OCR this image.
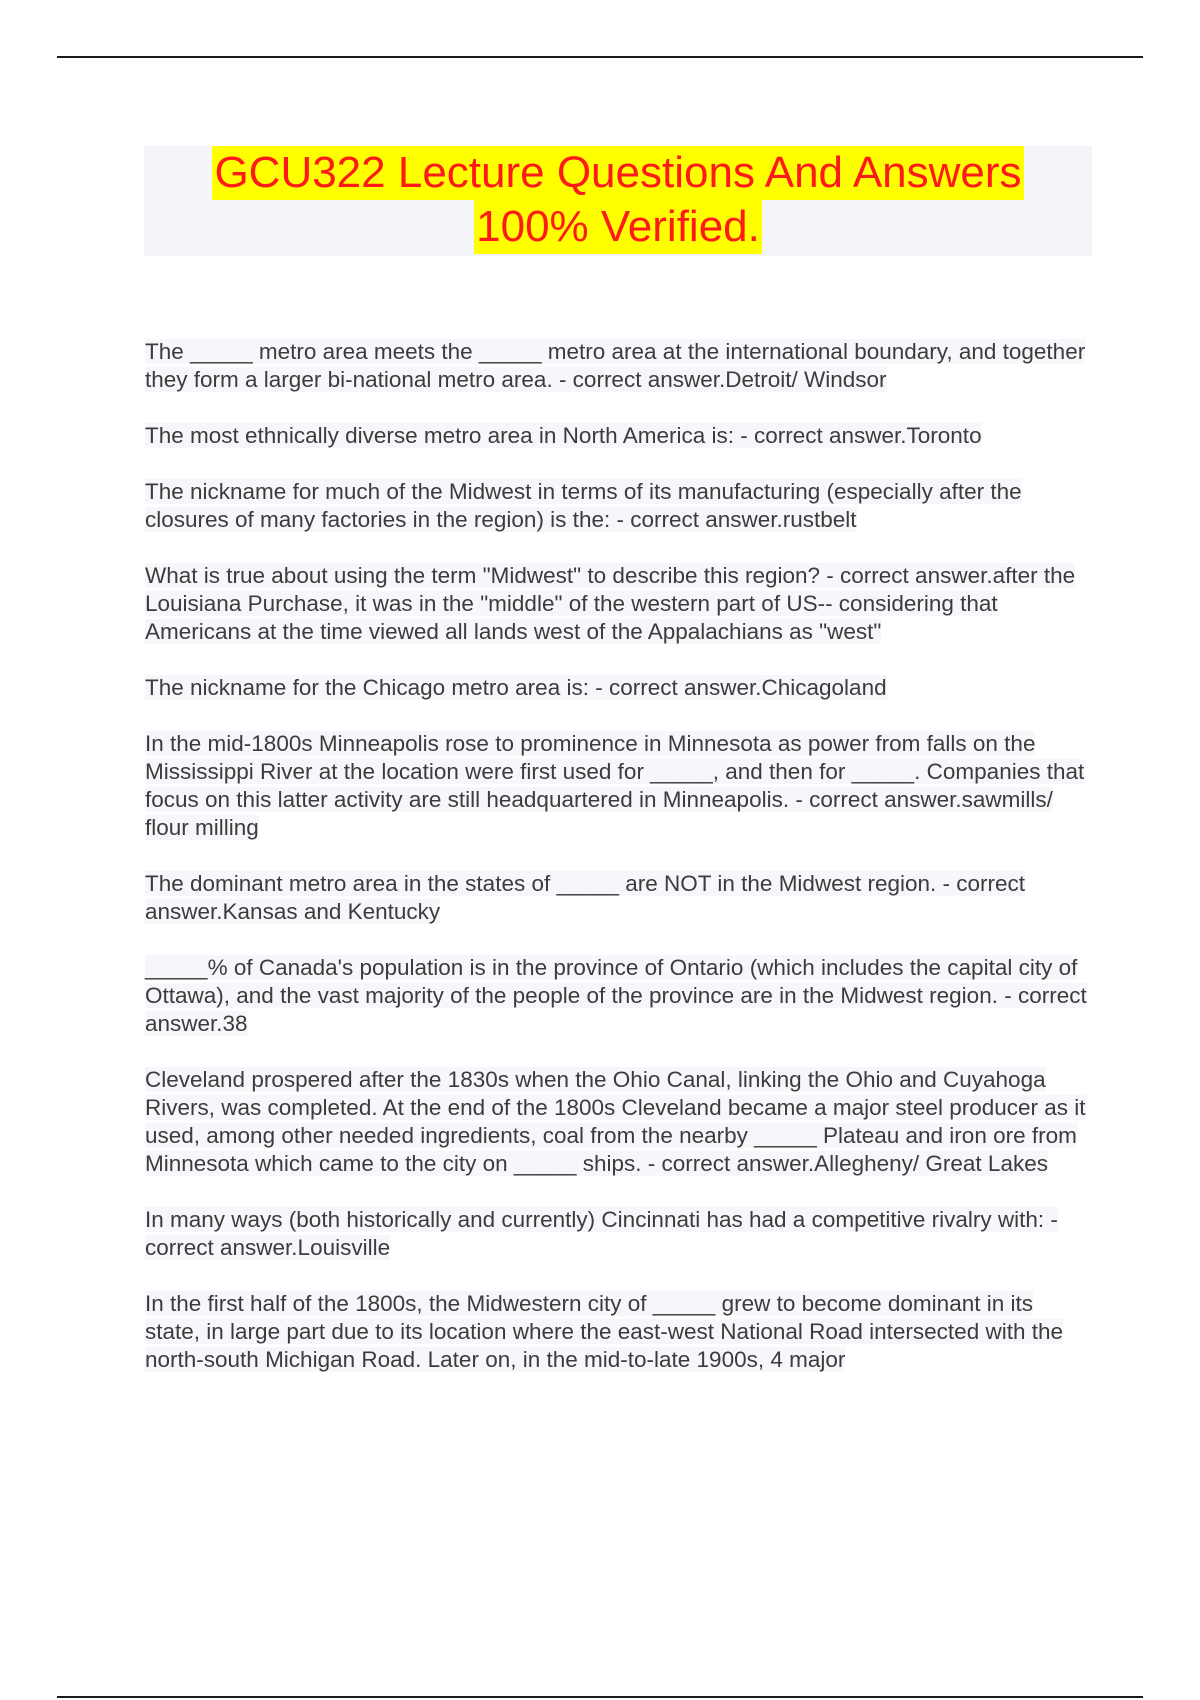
GCU322 Lecture Questions And Answers
100% Verified.

The _____ metro area meets the _____ metro area at the international boundary, and together they form a larger bi-national metro area. - correct answer.Detroit/ Windsor

The most ethnically diverse metro area in North America is: - correct answer.Toronto

The nickname for much of the Midwest in terms of its manufacturing (especially after the closures of many factories in the region) is the: - correct answer.rustbelt

What is true about using the term "Midwest" to describe this region? - correct answer.after the Louisiana Purchase, it was in the "middle" of the western part of US-- considering that Americans at the time viewed all lands west of the Appalachians as "west"

The nickname for the Chicago metro area is: - correct answer.Chicagoland

In the mid-1800s Minneapolis rose to prominence in Minnesota as power from falls on the Mississippi River at the location were first used for _____, and then for _____. Companies that focus on this latter activity are still headquartered in Minneapolis. - correct answer.sawmills/ flour milling

The dominant metro area in the states of _____ are NOT in the Midwest region. - correct answer.Kansas and Kentucky

_____% of Canada's population is in the province of Ontario (which includes the capital city of Ottawa), and the vast majority of the people of the province are in the Midwest region. - correct answer.38

Cleveland prospered after the 1830s when the Ohio Canal, linking the Ohio and Cuyahoga Rivers, was completed. At the end of the 1800s Cleveland became a major steel producer as it used, among other needed ingredients, coal from the nearby _____ Plateau and iron ore from Minnesota which came to the city on _____ ships. - correct answer.Allegheny/ Great Lakes

In many ways (both historically and currently) Cincinnati has had a competitive rivalry with: - correct answer.Louisville

In the first half of the 1800s, the Midwestern city of _____ grew to become dominant in its state, in large part due to its location where the east-west National Road intersected with the north-south Michigan Road. Later on, in the mid-to-late 1900s, 4 major
